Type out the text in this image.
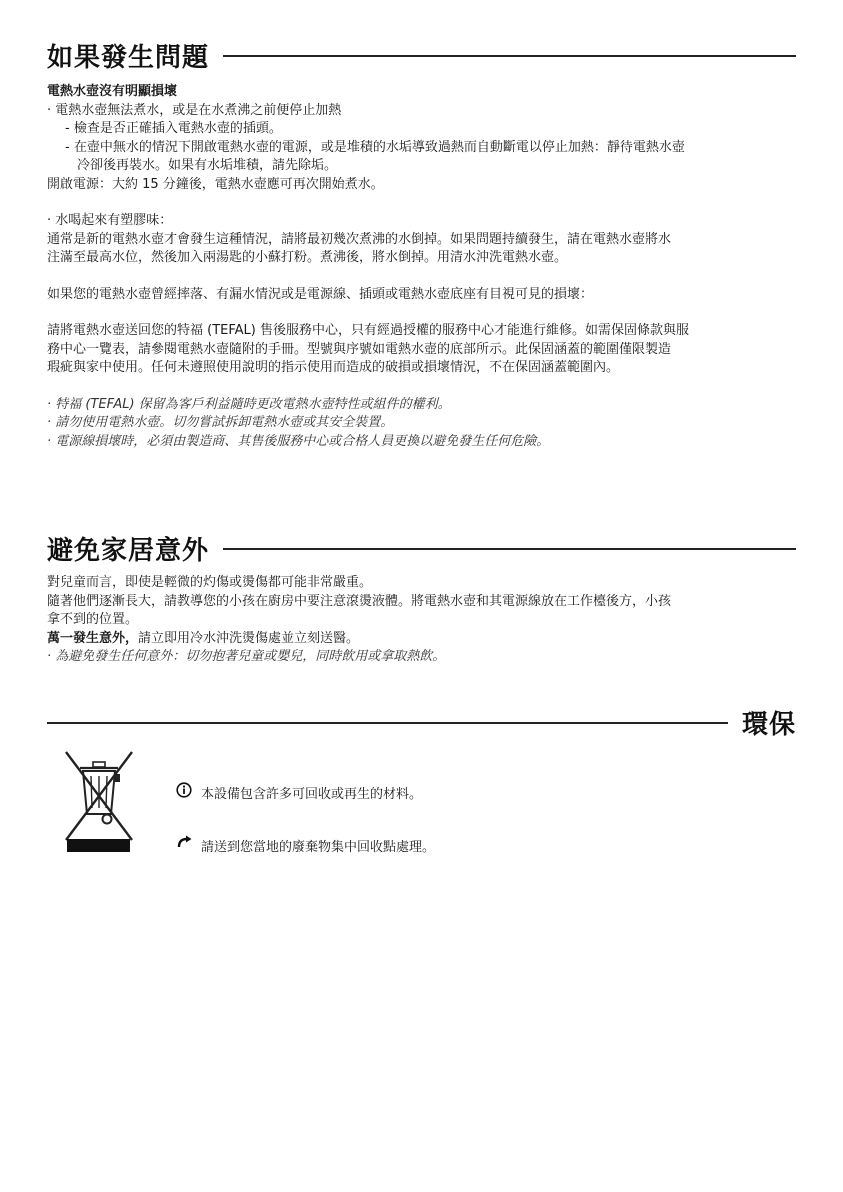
如果發生問題

電熱水壺沒有明顯損壞

· 電熱水壺無法煮水，或是在水煮沸之前便停止加熱

- 檢查是否正確插入電熱水壺的插頭。

- 在壺中無水的情況下開啟電熱水壺的電源，或是堆積的水垢導致過熱而自動斷電以停止加熱：靜待電熱水壺

冷卻後再裝水。如果有水垢堆積，請先除垢。

開啟電源：大約 15 分鐘後，電熱水壺應可再次開始煮水。

· 水喝起來有塑膠味：

通常是新的電熱水壺才會發生這種情況，請將最初幾次煮沸的水倒掉。如果問題持續發生，請在電熱水壺將水

注滿至最高水位，然後加入兩湯匙的小蘇打粉。煮沸後，將水倒掉。用清水沖洗電熱水壺。

如果您的電熱水壺曾經摔落、有漏水情況或是電源線、插頭或電熱水壺底座有目視可見的損壞：

請將電熱水壺送回您的特福 (TEFAL) 售後服務中心，只有經過授權的服務中心才能進行維修。如需保固條款與服

務中心一覽表，請參閱電熱水壺隨附的手冊。型號與序號如電熱水壺的底部所示。此保固涵蓋的範圍僅限製造

瑕疵與家中使用。任何未遵照使用說明的指示使用而造成的破損或損壞情況，不在保固涵蓋範圍內。

· 特福 (TEFAL) 保留為客戶利益隨時更改電熱水壺特性或組件的權利。

· 請勿使用電熱水壺。切勿嘗試拆卸電熱水壺或其安全裝置。

· 電源線損壞時，必須由製造商、其售後服務中心或合格人員更換以避免發生任何危險。

避免家居意外

對兒童而言，即使是輕微的灼傷或燙傷都可能非常嚴重。

隨著他們逐漸長大，請教導您的小孩在廚房中要注意滾燙液體。將電熱水壺和其電源線放在工作檯後方，小孩

拿不到的位置。

萬一發生意外，請立即用冷水沖洗燙傷處並立刻送醫。

· 為避免發生任何意外：切勿抱著兒童或嬰兒，同時飲用或拿取熱飲。

環保
本設備包含許多可回收或再生的材料。
請送到您當地的廢棄物集中回收點處理。
